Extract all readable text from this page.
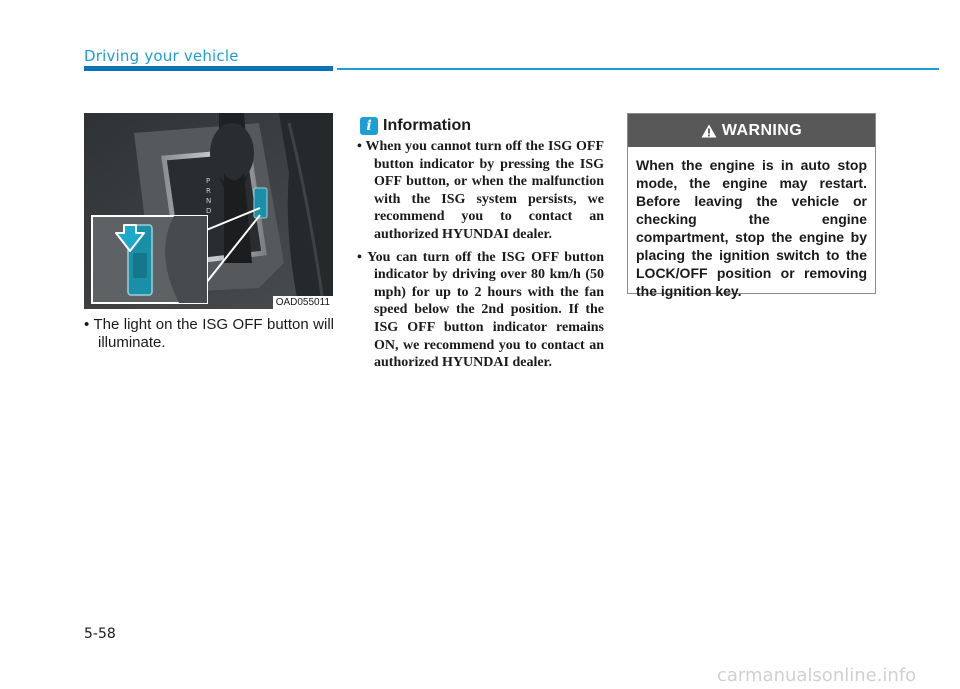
Driving your vehicle
P
R
N
D
OAD055011
• The light on the ISG OFF button will illuminate.
i Information
• When you cannot turn off the ISG OFF button indicator by pressing the ISG OFF button, or when the malfunction with the ISG system persists, we recommend you to contact an authorized HYUNDAI dealer.
• You can turn off the ISG OFF button indicator by driving over 80 km/h (50 mph) for up to 2 hours with the fan speed below the 2nd position. If the ISG OFF button indicator remains ON, we recommend you to contact an authorized HYUNDAI dealer.
WARNING
When the engine is in auto stop mode, the engine may restart. Before leaving the vehicle or checking the engine compartment, stop the engine by placing the ignition switch to the LOCK/OFF position or removing the ignition key.
5-58
carmanualsonline.info
